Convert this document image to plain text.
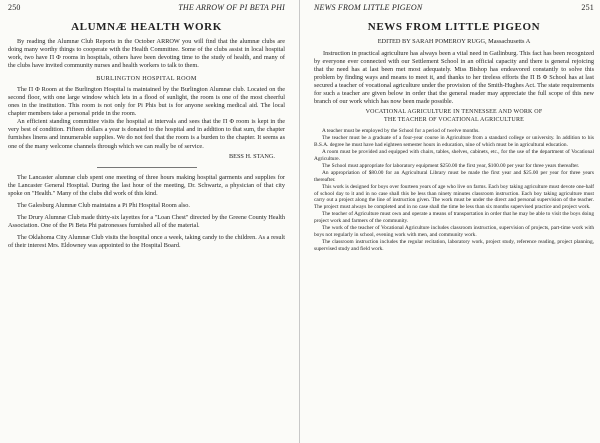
250	THE ARROW OF PI BETA PHI
ALUMNÆ HEALTH WORK

By reading the Alumnæ Club Reports in the October ARROW you will find that the alumnæ clubs are doing many worthy things to cooperate with the Health Committee. Some of the clubs assist in local hospital work, two have Π Φ rooms in hospitals, others have been devoting time to the study of health, and many of the clubs have invited community nurses and health workers to talk to them.

BURLINGTON HOSPITAL ROOM

The Π Φ Room at the Burlington Hospital is maintained by the Burlington Alumnæ club. Located on the second floor, with one large window which lets in a flood of sunlight, the room is one of the most cheerful ones in the institution. This room is not only for Pi Phis but is for anyone seeking medical aid. The local chapter members take a personal pride in the room.

An efficient standing committee visits the hospital at intervals and sees that the Π Φ room is kept in the very best of condition. Fifteen dollars a year is donated to the hospital and in addition to that sum, the chapter furnishes linens and innumerable supplies. We do not feel that the room is a burden to the chapter. It seems as one of the many welcome channels through which we can really be of service.

BESS H. STANG.

The Lancaster alumnæ club spent one meeting of three hours making hospital garments and supplies for the Lancaster General Hospital. During the last hour of the meeting, Dr. Schwartz, a physician of that city spoke on "Health." Many of the clubs did work of this kind.

The Galesburg Alumnæ Club maintains a Pi Phi Hospital Room also.

The Drury Alumnæ Club made thirty-six layettes for a "Loan Chest" directed by the Greene County Health Association. One of the Pi Beta Phi patronesses furnished all of the material.

The Oklahoma City Alumnæ Club visits the hospital once a week, taking candy to the children. As a result of their interest Mrs. Eldowney was appointed to the Hospital Board.

NEWS FROM LITTLE PIGEON	251
NEWS FROM LITTLE PIGEON
EDITED BY SARAH POMEROY RUGG, Massachusetts A

Instruction in practical agriculture has always been a vital need in Gatlinburg. This fact has been recognized by everyone ever connected with our Settlement School in an official capacity and there is general rejoicing that the need has at last been met most adequately. Miss Bishop has endeavored constantly to solve this problem by finding ways and means to meet it, and thanks to her tireless efforts the Π B Φ School has at last secured a teacher of vocational agriculture under the provision of the Smith-Hughes Act. The state requirements for such a teacher are given below in order that the general reader may appreciate the full scope of this new branch of our work which has now been made possible.

VOCATIONAL AGRICULTURE IN TENNESSEE AND WORK OF
THE TEACHER OF VOCATIONAL AGRICULTURE

A teacher must be employed by the School for a period of twelve months.

The teacher must be a graduate of a four-year course in Agriculture from a standard college or university. In addition to his B.S.A. degree he must have had eighteen semester hours in education, nine of which must be in agricultural education.

A room must be provided and equipped with chairs, tables, shelves, cabinets, etc., for the use of the department of Vocational Agriculture.

The School must appropriate for laboratory equipment $250.00 the first year, $100.00 per year for three years thereafter.

An appropriation of $80.00 for an Agricultural Library must be made the first year and $25.00 per year for three years thereafter.

This work is designed for boys over fourteen years of age who live on farms. Each boy taking agriculture must devote one-half of school day to it and in no case shall this be less than ninety minutes classroom instruction. Each boy taking agriculture must carry out a project along the line of instruction given. The work must be under the direct and personal supervision of the teacher. The project must always be completed and in no case shall the time be less than six months supervised practice and project work.

The teacher of Agriculture must own and operate a means of transportation in order that he may be able to visit the boys doing project work and farmers of the community.

The work of the teacher of Vocational Agriculture includes classroom instruction, supervision of projects, part-time work with boys not regularly in school, evening work with men, and community work.

The classroom instruction includes the regular recitation, laboratory work, project study, reference reading, project planning, supervised study and field work.
